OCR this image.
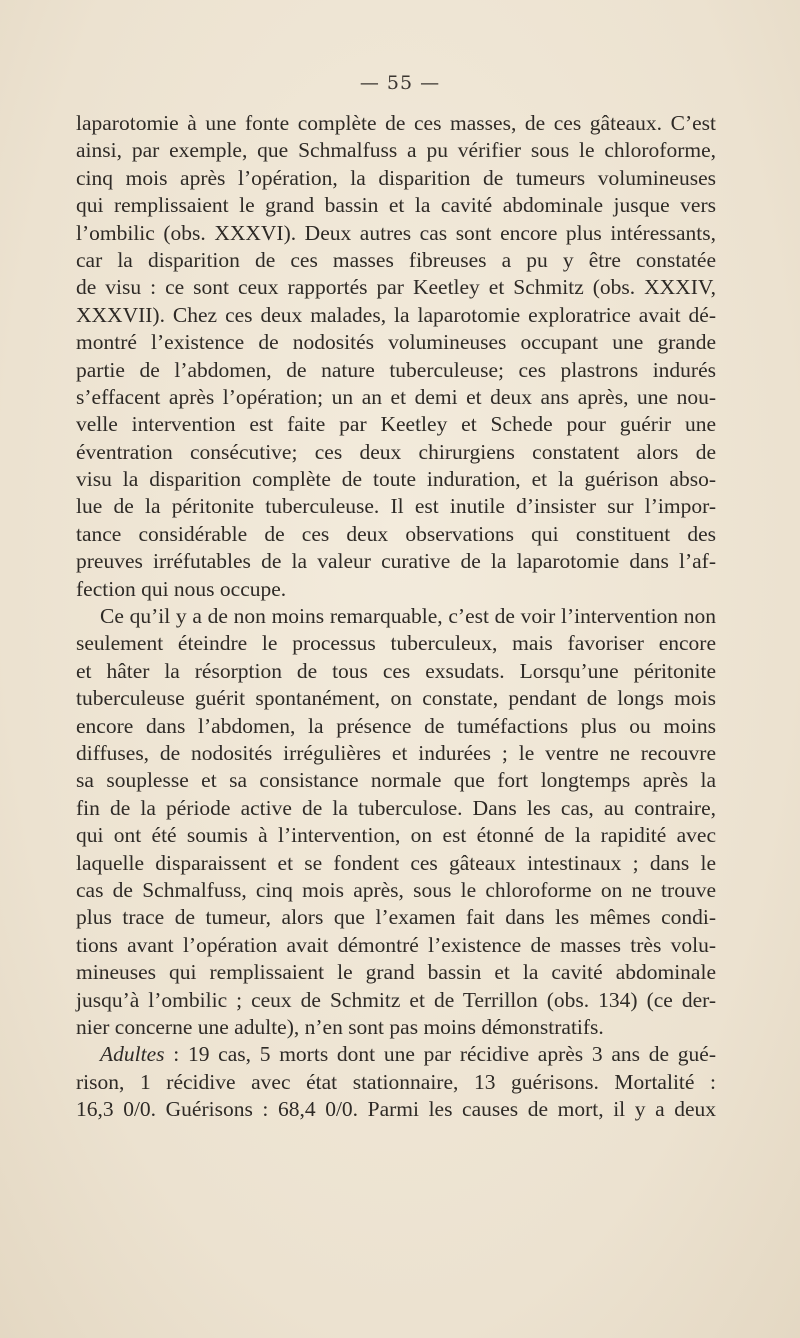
— 55 —
laparotomie à une fonte complète de ces masses, de ces gâteaux. C’est
ainsi, par exemple, que Schmalfuss a pu vérifier sous le chloroforme,
cinq mois après l’opération, la disparition de tumeurs volumineuses
qui remplissaient le grand bassin et la cavité abdominale jusque vers
l’ombilic (obs. XXXVI). Deux autres cas sont encore plus intéressants,
car la disparition de ces masses fibreuses a pu y être constatée
de visu : ce sont ceux rapportés par Keetley et Schmitz (obs. XXXIV,
XXXVII). Chez ces deux malades, la laparotomie exploratrice avait dé-
montré l’existence de nodosités volumineuses occupant une grande
partie de l’abdomen, de nature tuberculeuse; ces plastrons indurés
s’effacent après l’opération; un an et demi et deux ans après, une nou-
velle intervention est faite par Keetley et Schede pour guérir une
éventration consécutive; ces deux chirurgiens constatent alors de
visu la disparition complète de toute induration, et la guérison abso-
lue de la péritonite tuberculeuse. Il est inutile d’insister sur l’impor-
tance considérable de ces deux observations qui constituent des
preuves irréfutables de la valeur curative de la laparotomie dans l’af-
fection qui nous occupe.
Ce qu’il y a de non moins remarquable, c’est de voir l’intervention non
seulement éteindre le processus tuberculeux, mais favoriser encore
et hâter la résorption de tous ces exsudats. Lorsqu’une péritonite
tuberculeuse guérit spontanément, on constate, pendant de longs mois
encore dans l’abdomen, la présence de tuméfactions plus ou moins
diffuses, de nodosités irrégulières et indurées ; le ventre ne recouvre
sa souplesse et sa consistance normale que fort longtemps après la
fin de la période active de la tuberculose. Dans les cas, au contraire,
qui ont été soumis à l’intervention, on est étonné de la rapidité avec
laquelle disparaissent et se fondent ces gâteaux intestinaux ; dans le
cas de Schmalfuss, cinq mois après, sous le chloroforme on ne trouve
plus trace de tumeur, alors que l’examen fait dans les mêmes condi-
tions avant l’opération avait démontré l’existence de masses très volu-
mineuses qui remplissaient le grand bassin et la cavité abdominale
jusqu’à l’ombilic ; ceux de Schmitz et de Terrillon (obs. 134) (ce der-
nier concerne une adulte), n’en sont pas moins démonstratifs.
Adultes : 19 cas, 5 morts dont une par récidive après 3 ans de gué-
rison, 1 récidive avec état stationnaire, 13 guérisons. Mortalité :
16,3 0/0. Guérisons : 68,4 0/0. Parmi les causes de mort, il y a deux
